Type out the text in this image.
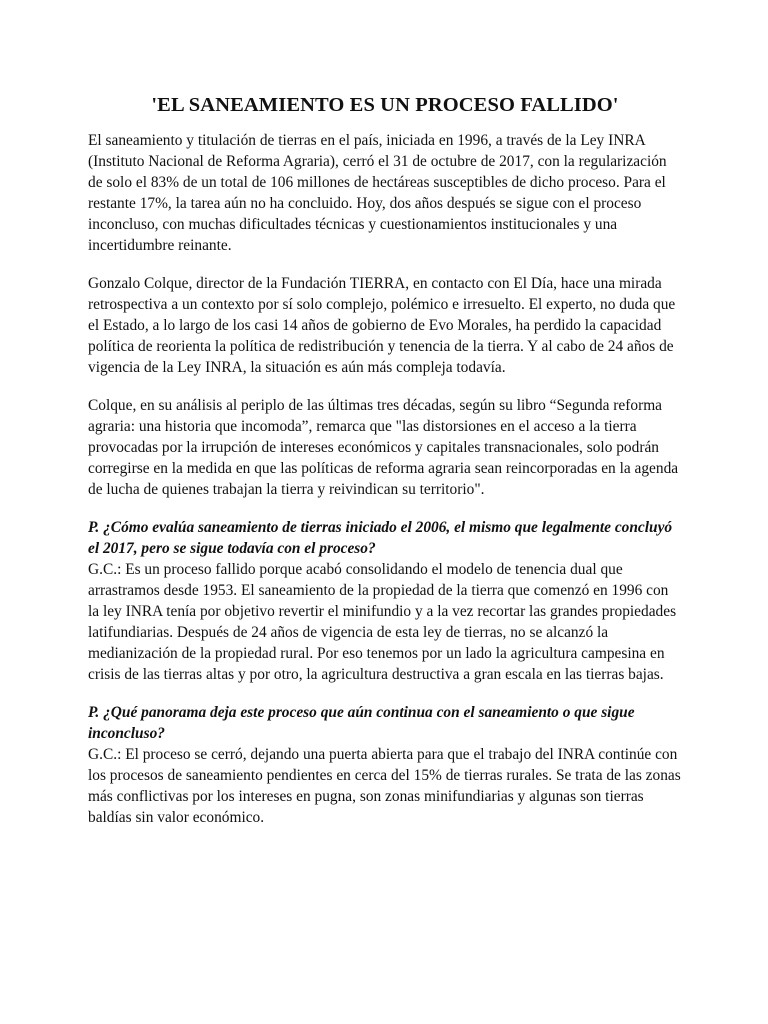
'EL SANEAMIENTO ES UN PROCESO FALLIDO'

El saneamiento y titulación de tierras en el país, iniciada en 1996, a través de la Ley INRA (Instituto Nacional de Reforma Agraria), cerró el 31 de octubre de 2017, con la regularización de solo el 83% de un total de 106 millones de hectáreas susceptibles de dicho proceso. Para el restante 17%, la tarea aún no ha concluido. Hoy, dos años después se sigue con el proceso inconcluso, con muchas dificultades técnicas y cuestionamientos institucionales y una incertidumbre reinante.

Gonzalo Colque, director de la Fundación TIERRA, en contacto con El Día, hace una mirada retrospectiva a un contexto por sí solo complejo, polémico e irresuelto. El experto, no duda que el Estado, a lo largo de los casi 14 años de gobierno de Evo Morales, ha perdido la capacidad política de reorienta la política de redistribución y tenencia de la tierra. Y al cabo de 24 años de vigencia de la Ley INRA, la situación es aún más compleja todavía.

Colque, en su análisis al periplo de las últimas tres décadas, según su libro “Segunda reforma agraria: una historia que incomoda”, remarca que "las distorsiones en el acceso a la tierra provocadas por la irrupción de intereses económicos y capitales transnacionales, solo podrán corregirse en la medida en que las políticas de reforma agraria sean reincorporadas en la agenda de lucha de quienes trabajan la tierra y reivindican su territorio".

P. ¿Cómo evalúa saneamiento de tierras iniciado el 2006, el mismo que legalmente concluyó el 2017, pero se sigue todavía con el proceso?

G.C.: Es un proceso fallido porque acabó consolidando el modelo de tenencia dual que arrastramos desde 1953. El saneamiento de la propiedad de la tierra que comenzó en 1996 con la ley INRA tenía por objetivo revertir el minifundio y a la vez recortar las grandes propiedades latifundiarias. Después de 24 años de vigencia de esta ley de tierras, no se alcanzó la medianización de la propiedad rural. Por eso tenemos por un lado la agricultura campesina en crisis de las tierras altas y por otro, la agricultura destructiva a gran escala en las tierras bajas.

P. ¿Qué panorama deja este proceso que aún continua con el saneamiento o que sigue inconcluso?

G.C.: El proceso se cerró, dejando una puerta abierta para que el trabajo del INRA continúe con los procesos de saneamiento pendientes en cerca del 15% de tierras rurales. Se trata de las zonas más conflictivas por los intereses en pugna, son zonas minifundiarias y algunas son tierras baldías sin valor económico.
